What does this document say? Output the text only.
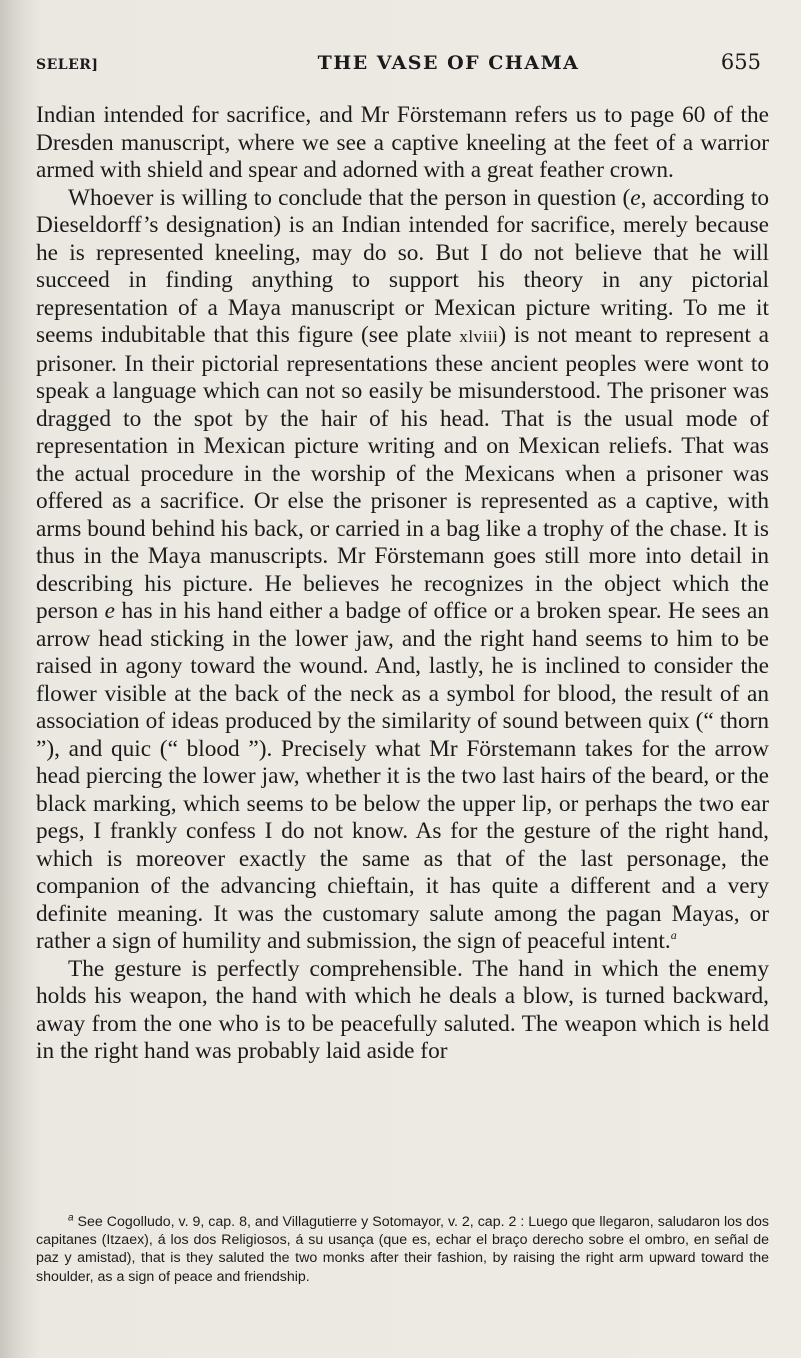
SELER]	THE VASE OF CHAMA	655

Indian intended for sacrifice, and Mr Förstemann refers us to page 60 of the Dresden manuscript, where we see a captive kneeling at the feet of a warrior armed with shield and spear and adorned with a great feather crown.

Whoever is willing to conclude that the person in question (e, according to Dieseldorff’s designation) is an Indian intended for sacrifice, merely because he is represented kneeling, may do so. But I do not believe that he will succeed in finding anything to support his theory in any pictorial representation of a Maya manuscript or Mexican picture writing. To me it seems indubitable that this figure (see plate xlviii) is not meant to represent a prisoner. In their pictorial representations these ancient peoples were wont to speak a language which can not so easily be misunderstood. The prisoner was dragged to the spot by the hair of his head. That is the usual mode of representation in Mexican picture writing and on Mexican reliefs. That was the actual procedure in the worship of the Mexicans when a prisoner was offered as a sacrifice. Or else the prisoner is represented as a captive, with arms bound behind his back, or carried in a bag like a trophy of the chase. It is thus in the Maya manuscripts. Mr Förstemann goes still more into detail in describing his picture. He believes he recognizes in the object which the person e has in his hand either a badge of office or a broken spear. He sees an arrow head sticking in the lower jaw, and the right hand seems to him to be raised in agony toward the wound. And, lastly, he is inclined to consider the flower visible at the back of the neck as a symbol for blood, the result of an association of ideas produced by the similarity of sound between quix (“ thorn ”), and quic (“ blood ”). Precisely what Mr Förstemann takes for the arrow head piercing the lower jaw, whether it is the two last hairs of the beard, or the black marking, which seems to be below the upper lip, or perhaps the two ear pegs, I frankly confess I do not know. As for the gesture of the right hand, which is moreover exactly the same as that of the last personage, the companion of the advancing chieftain, it has quite a different and a very definite meaning. It was the customary salute among the pagan Mayas, or rather a sign of humility and submission, the sign of peaceful intent.$^a$

The gesture is perfectly comprehensible. The hand in which the enemy holds his weapon, the hand with which he deals a blow, is turned backward, away from the one who is to be peacefully saluted. The weapon which is held in the right hand was probably laid aside for

$^a$ See Cogolludo, v. 9, cap. 8, and Villagutierre y Sotomayor, v. 2, cap. 2 : Luego que llegaron, saludaron los dos capitanes (Itzaex), á los dos Religiosos, á su usança (que es, echar el braço derecho sobre el ombro, en señal de paz y amistad), that is they saluted the two monks after their fashion, by raising the right arm upward toward the shoulder, as a sign of peace and friendship.
